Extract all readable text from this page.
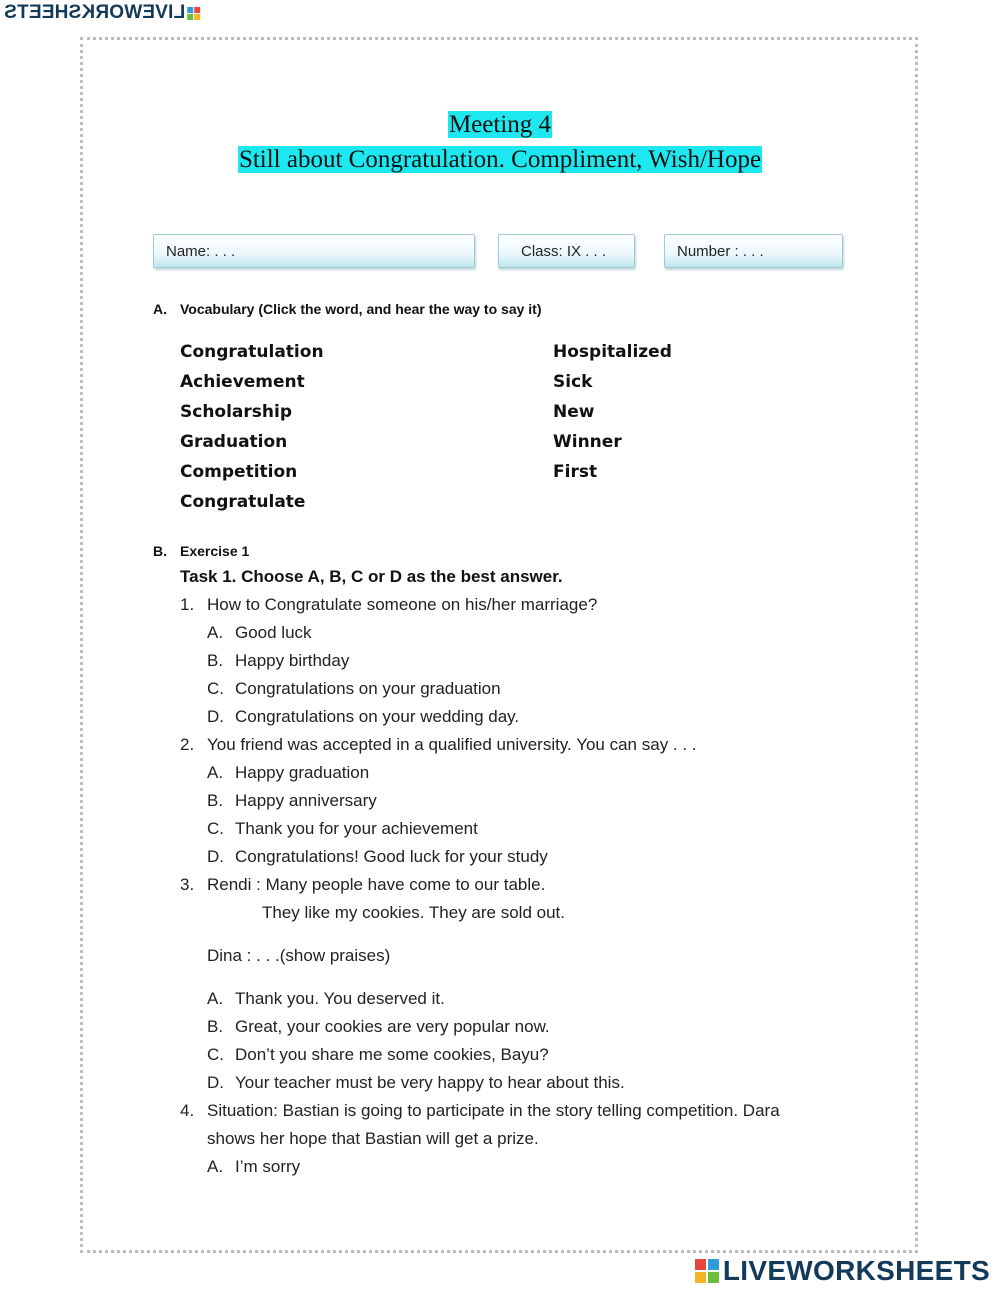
LIVEWORKSHEETS
Meeting 4
Still about Congratulation. Compliment, Wish/Hope
Name: . . .	Class: IX . . .	Number : . . .
A. Vocabulary (Click the word, and hear the way to say it)
Congratulation
Achievement
Scholarship
Graduation
Competition
Congratulate
Hospitalized
Sick
New
Winner
First
B. Exercise 1
Task 1. Choose A, B, C or D as the best answer.
1. How to Congratulate someone on his/her marriage?
A. Good luck
B. Happy birthday
C. Congratulations on your graduation
D. Congratulations on your wedding day.
2. You friend was accepted in a qualified university. You can say . . .
A. Happy graduation
B. Happy anniversary
C. Thank you for your achievement
D. Congratulations! Good luck for your study
3. Rendi : Many people have come to our table.
They like my cookies. They are sold out.
Dina : . . .(show praises)
A. Thank you. You deserved it.
B. Great, your cookies are very popular now.
C. Don’t you share me some cookies, Bayu?
D. Your teacher must be very happy to hear about this.
4. Situation: Bastian is going to participate in the story telling competition. Dara
shows her hope that Bastian will get a prize.
A. I’m sorry
LIVEWORKSHEETS
